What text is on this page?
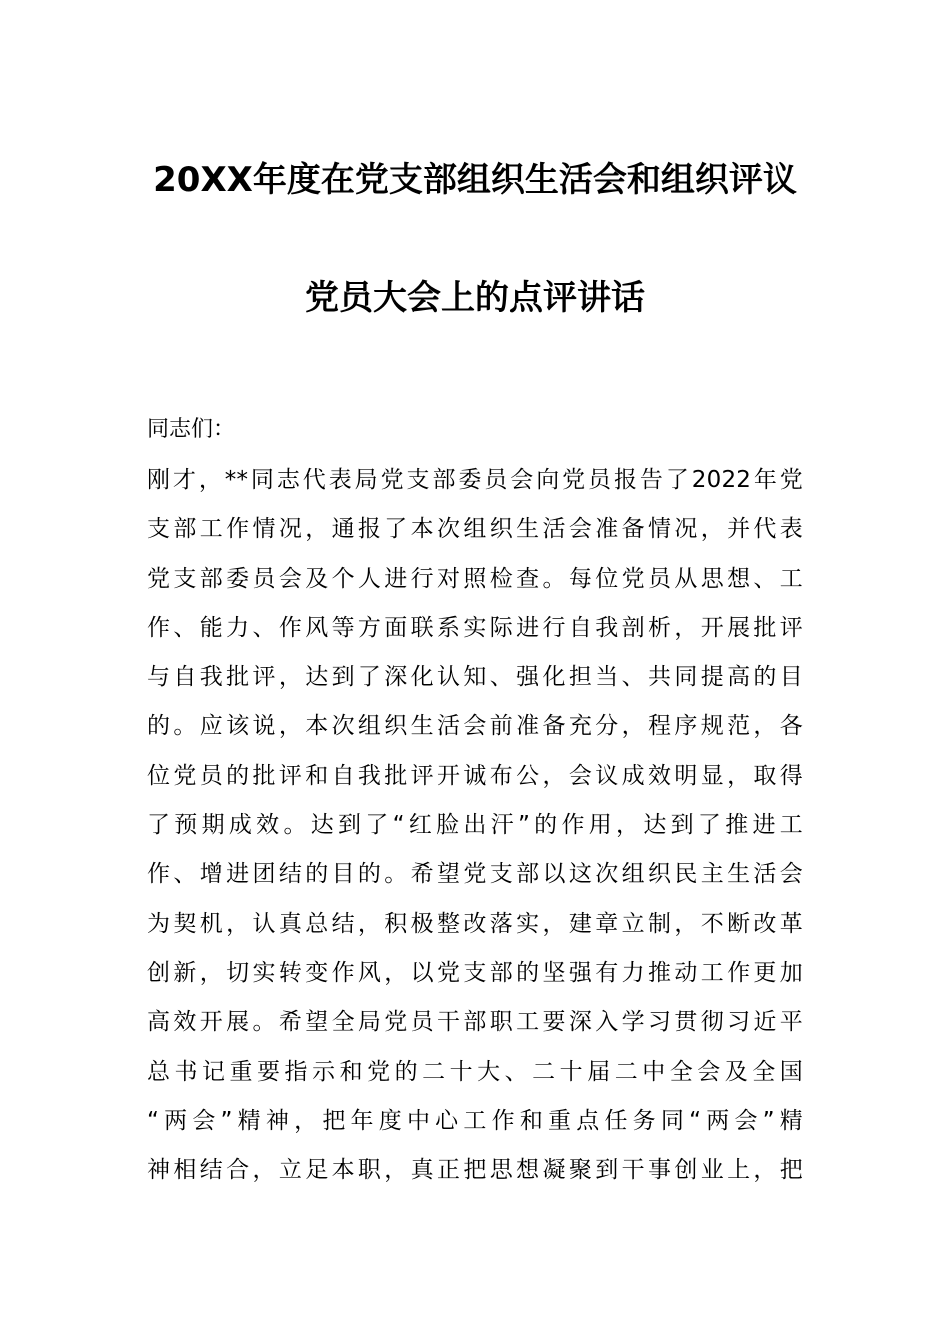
20XX年度在党支部组织生活会和组织评议
党员大会上的点评讲话
同志们：
刚才，**同志代表局党支部委员会向党员报告了2022年党
支部工作情况，通报了本次组织生活会准备情况，并代表
党支部委员会及个人进行对照检查。每位党员从思想、工
作、能力、作风等方面联系实际进行自我剖析，开展批评
与自我批评，达到了深化认知、强化担当、共同提高的目
的。应该说，本次组织生活会前准备充分，程序规范，各
位党员的批评和自我批评开诚布公，会议成效明显，取得
了预期成效。达到了“红脸出汗”的作用，达到了推进工
作、增进团结的目的。希望党支部以这次组织民主生活会
为契机，认真总结，积极整改落实，建章立制，不断改革
创新，切实转变作风，以党支部的坚强有力推动工作更加
高效开展。希望全局党员干部职工要深入学习贯彻习近平
总书记重要指示和党的二十大、二十届二中全会及全国
“两会”精神，把年度中心工作和重点任务同“两会”精
神相结合，立足本职，真正把思想凝聚到干事创业上，把
